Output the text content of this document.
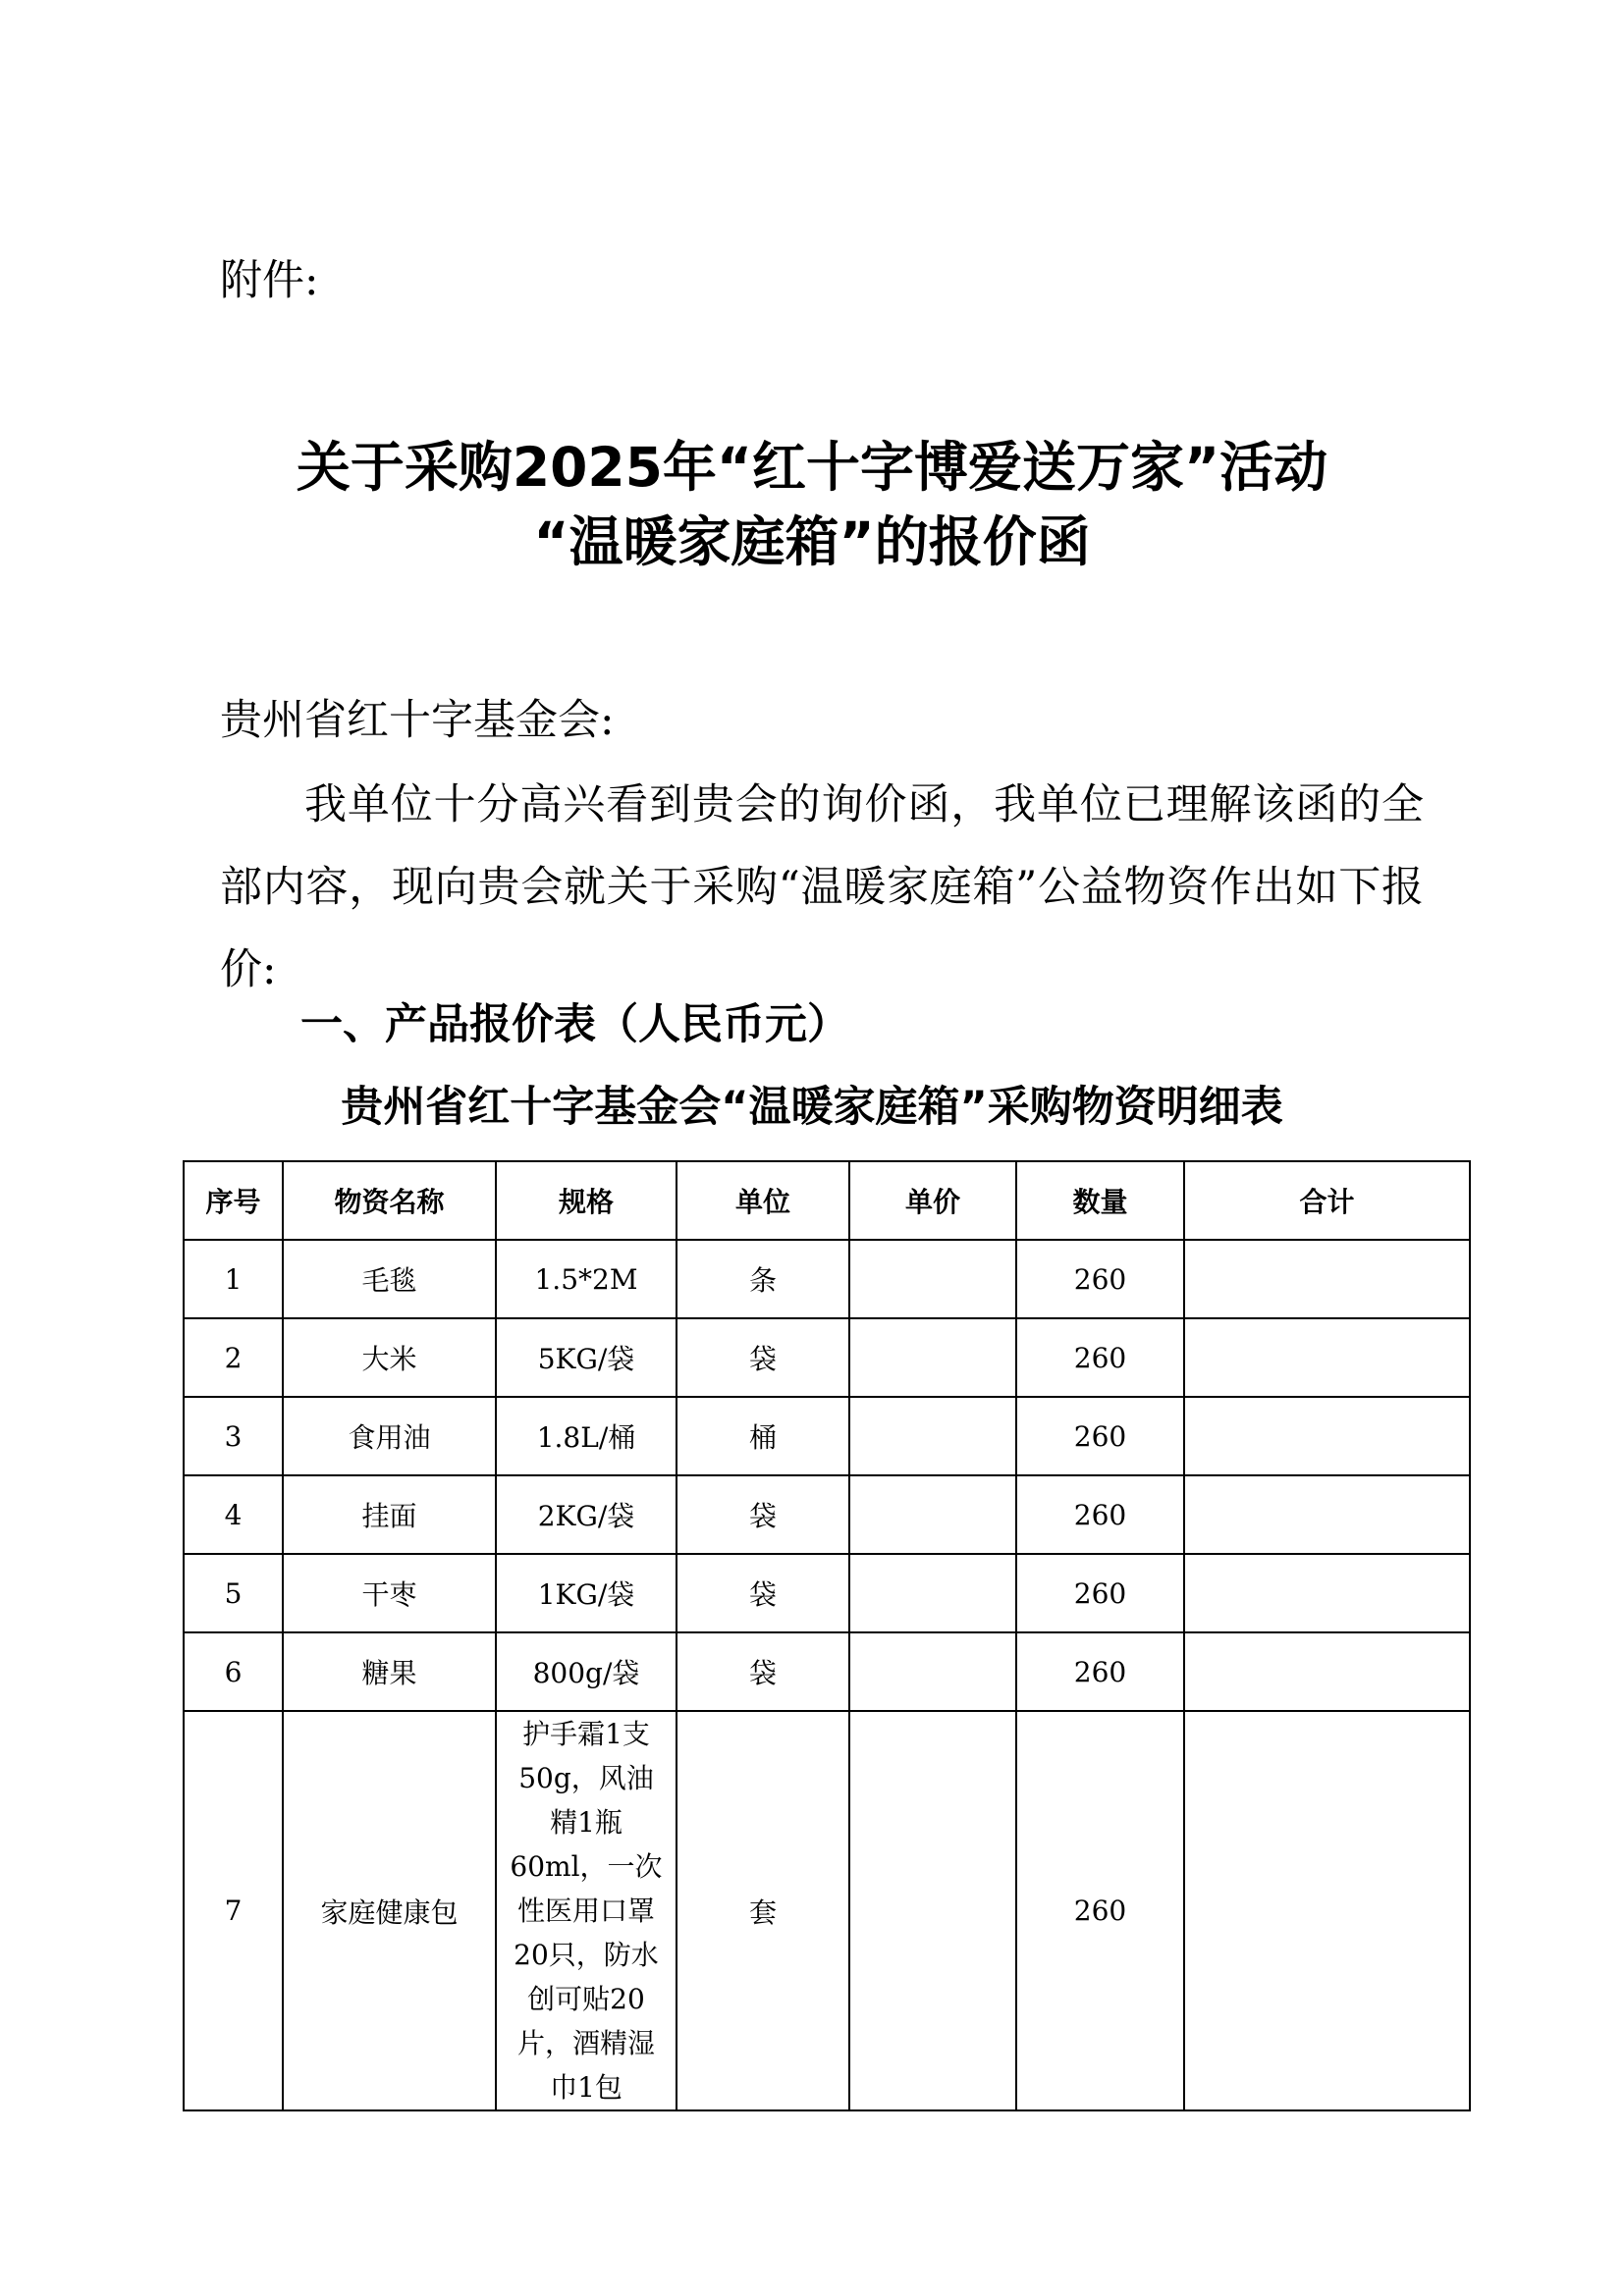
附件:
关于采购2025年“红十字博爱送万家”活动
“温暖家庭箱”的报价函
贵州省红十字基金会:
我单位十分高兴看到贵会的询价函，我单位已理解该函的全部内容，现向贵会就关于采购“温暖家庭箱”公益物资作出如下报价:
一、产品报价表（人民币元）
贵州省红十字基金会“温暖家庭箱”采购物资明细表
序号	物资名称	规格	单位	单价	数量	合计
1	毛毯	1.5*2M	条		260	
2	大米	5KG/袋	袋		260	
3	食用油	1.8L/桶	桶		260	
4	挂面	2KG/袋	袋		260	
5	干枣	1KG/袋	袋		260	
6	糖果	800g/袋	袋		260	
7	家庭健康包	护手霜1支50g，风油精1瓶60ml，一次性医用口罩20只，防水创可贴20片，酒精湿巾1包	套		260	
